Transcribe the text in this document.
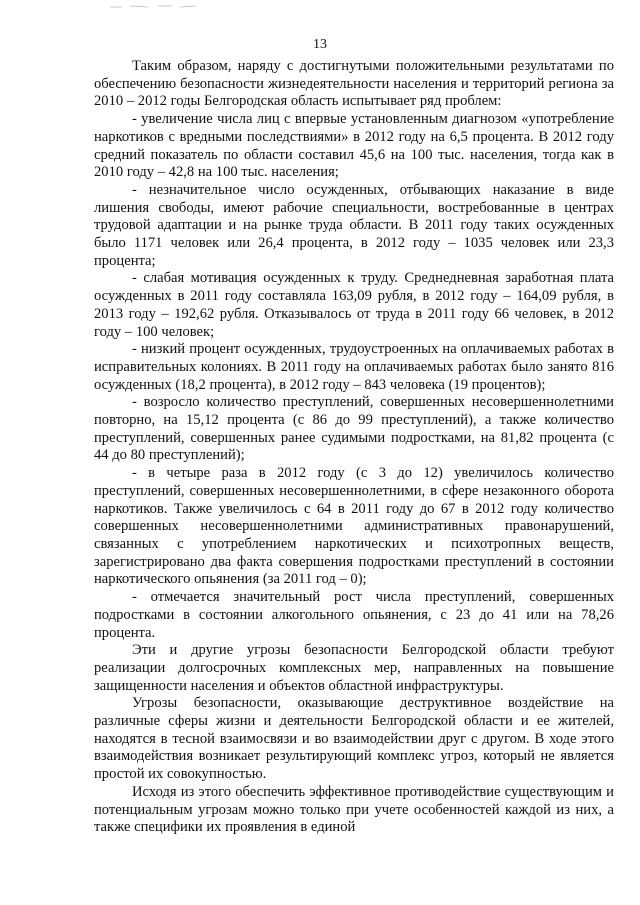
13

Таким образом, наряду с достигнутыми положительными результатами по обеспечению безопасности жизнедеятельности населения и территорий региона за 2010 – 2012 годы Белгородская область испытывает ряд проблем:

- увеличение числа лиц с впервые установленным диагнозом «употребление наркотиков с вредными последствиями» в 2012 году на 6,5 процента. В 2012 году средний показатель по области составил 45,6 на 100 тыс. населения, тогда как в 2010 году – 42,8 на 100 тыс. населения;

- незначительное число осужденных, отбывающих наказание в виде лишения свободы, имеют рабочие специальности, востребованные в центрах трудовой адаптации и на рынке труда области. В 2011 году таких осужденных было 1171 человек или 26,4 процента, в 2012 году – 1035 человек или 23,3 процента;

- слабая мотивация осужденных к труду. Среднедневная заработная плата осужденных в 2011 году составляла 163,09 рубля, в 2012 году – 164,09 рубля, в 2013 году – 192,62 рубля. Отказывалось от труда в 2011 году 66 человек, в 2012 году – 100 человек;

- низкий процент осужденных, трудоустроенных на оплачиваемых работах в исправительных колониях. В 2011 году на оплачиваемых работах было занято 816 осужденных (18,2 процента), в 2012 году – 843 человека (19 процентов);

- возросло количество преступлений, совершенных несовершеннолетними повторно, на 15,12 процента (с 86 до 99 преступлений), а также количество преступлений, совершенных ранее судимыми подростками, на 81,82 процента (с 44 до 80 преступлений);

- в четыре раза в 2012 году (с 3 до 12) увеличилось количество преступлений, совершенных несовершеннолетними, в сфере незаконного оборота наркотиков. Также увеличилось с 64 в 2011 году до 67 в 2012 году количество совершенных несовершеннолетними административных правонарушений, связанных с употреблением наркотических и психотропных веществ, зарегистрировано два факта совершения подростками преступлений в состоянии наркотического опьянения (за 2011 год – 0);

- отмечается значительный рост числа преступлений, совершенных подростками в состоянии алкогольного опьянения, с 23 до 41 или на 78,26 процента.

Эти и другие угрозы безопасности Белгородской области требуют реализации долгосрочных комплексных мер, направленных на повышение защищенности населения и объектов областной инфраструктуры.

Угрозы безопасности, оказывающие деструктивное воздействие на различные сферы жизни и деятельности Белгородской области и ее жителей, находятся в тесной взаимосвязи и во взаимодействии друг с другом. В ходе этого взаимодействия возникает результирующий комплекс угроз, который не является простой их совокупностью.

Исходя из этого обеспечить эффективное противодействие существующим и потенциальным угрозам можно только при учете особенностей каждой из них, а также специфики их проявления в единой
